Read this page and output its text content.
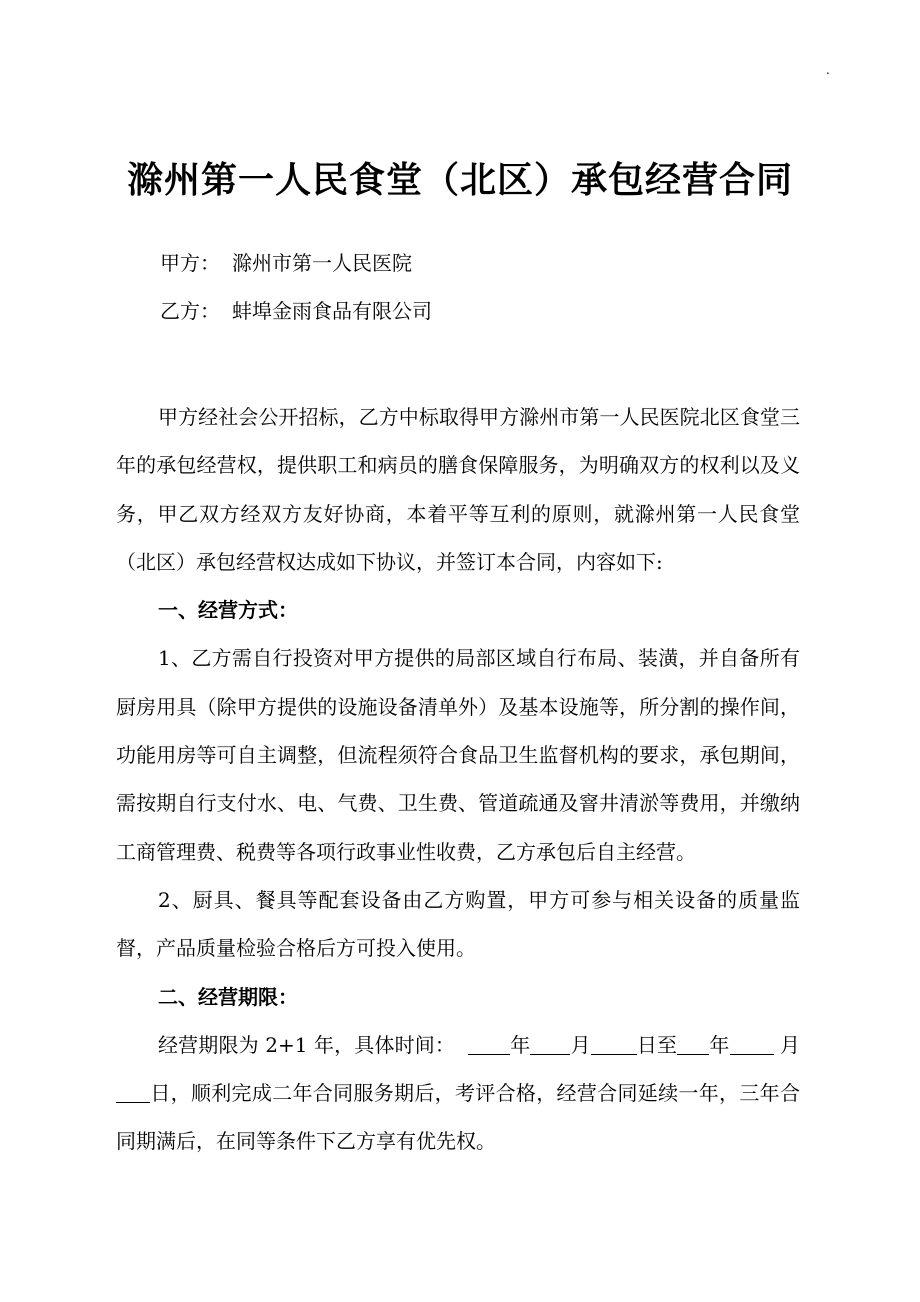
.
滁州第一人民食堂（北区）承包经营合同
甲方： 滁州市第一人民医院
乙方： 蚌埠金雨食品有限公司

甲方经社会公开招标，乙方中标取得甲方滁州市第一人民医院北区食堂三年的承包经营权，提供职工和病员的膳食保障服务，为明确双方的权利以及义务，甲乙双方经双方友好协商，本着平等互利的原则，就滁州第一人民食堂（北区）承包经营权达成如下协议，并签订本合同，内容如下:

一、经营方式：

1、乙方需自行投资对甲方提供的局部区域自行布局、装潢，并自备所有厨房用具（除甲方提供的设施设备清单外）及基本设施等，所分割的操作间，功能用房等可自主调整，但流程须符合食品卫生监督机构的要求，承包期间，需按期自行支付水、电、气费、卫生费、管道疏通及窨井清淤等费用，并缴纳工商管理费、税费等各项行政事业性收费，乙方承包后自主经营。

2、厨具、餐具等配套设备由乙方购置，甲方可参与相关设备的质量监督，产品质量检验合格后方可投入使用。

二、经营期限：

经营期限为 2+1 年，具体时间：	年 月 日至 年	月日，顺利完成二年合同服务期后，考评合格，经营合同延续一年，三年合同期满后，在同等条件下乙方享有优先权。
